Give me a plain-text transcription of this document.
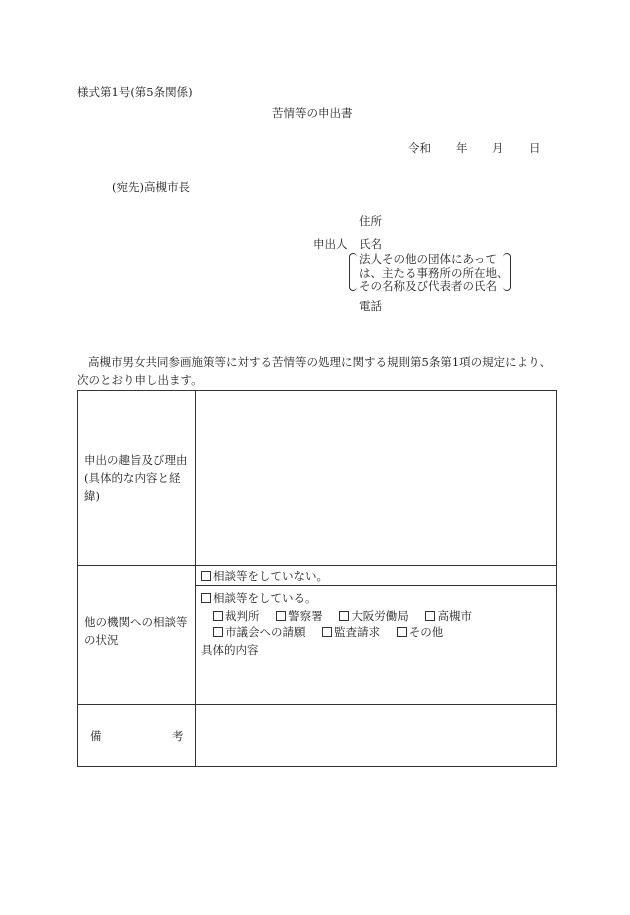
様式第1号(第5条関係)
苦情等の申出書
令和 年 月 日
(宛先)高槻市長
住所
申出人 氏名
法人その他の団体にあって
は、主たる事務所の所在地、
その名称及び代表者の氏名
電話
高槻市男女共同参画施策等に対する苦情等の処理に関する規則第5条第1項の規定により、
次のとおり申し出ます。
申出の趣旨及び理由
(具体的な内容と経
緯)
他の機関への相談等
の状況
相談等をしていない。
相談等をしている。
裁判所 警察署 大阪労働局 高槻市
市議会への請願 監査請求 その他
具体的内容
備	考
